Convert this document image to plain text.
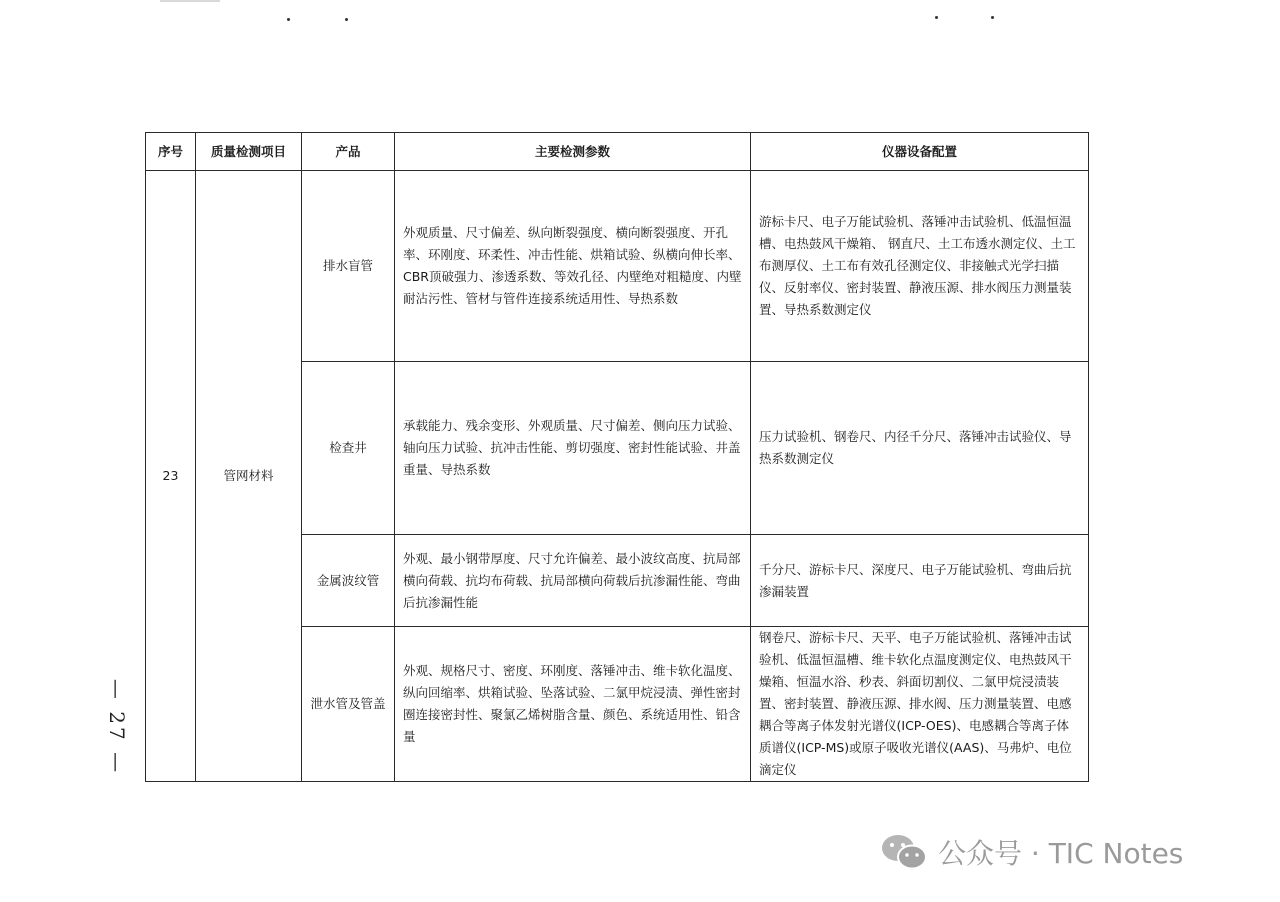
序号	质量检测项目	产品	主要检测参数	仪器设备配置
23	管网材料	排水盲管	外观质量、尺寸偏差、纵向断裂强度、横向断裂强度、开孔率、环刚度、环柔性、冲击性能、烘箱试验、纵横向伸长率、CBR顶破强力、渗透系数、等效孔径、内壁绝对粗糙度、内壁耐沾污性、管材与管件连接系统适用性、导热系数	游标卡尺、电子万能试验机、落锤冲击试验机、低温恒温槽、电热鼓风干燥箱、 钢直尺、土工布透水测定仪、土工布测厚仪、土工布有效孔径测定仪、非接触式光学扫描仪、反射率仪、密封装置、静液压源、排水阀压力测量装置、导热系数测定仪
		检查井	承载能力、残余变形、外观质量、尺寸偏差、侧向压力试验、轴向压力试验、抗冲击性能、剪切强度、密封性能试验、井盖重量、导热系数	压力试验机、钢卷尺、内径千分尺、落锤冲击试验仪、导热系数测定仪
		金属波纹管	外观、最小钢带厚度、尺寸允许偏差、最小波纹高度、抗局部横向荷载、抗均布荷载、抗局部横向荷载后抗渗漏性能、弯曲后抗渗漏性能	千分尺、游标卡尺、深度尺、电子万能试验机、弯曲后抗渗漏装置
		泄水管及管盖	外观、规格尺寸、密度、环刚度、落锤冲击、维卡软化温度、纵向回缩率、烘箱试验、坠落试验、二氯甲烷浸渍、弹性密封圈连接密封性、聚氯乙烯树脂含量、颜色、系统适用性、铅含量	钢卷尺、游标卡尺、天平、电子万能试验机、落锤冲击试验机、低温恒温槽、维卡软化点温度测定仪、电热鼓风干燥箱、恒温水浴、秒表、斜面切割仪、二氯甲烷浸渍装置、密封装置、静液压源、排水阀、压力测量装置、电感耦合等离子体发射光谱仪(ICP-OES)、电感耦合等离子体质谱仪(ICP-MS)或原子吸收光谱仪(AAS)、马弗炉、电位滴定仪
— 27 —
公众号 · TIC Notes
